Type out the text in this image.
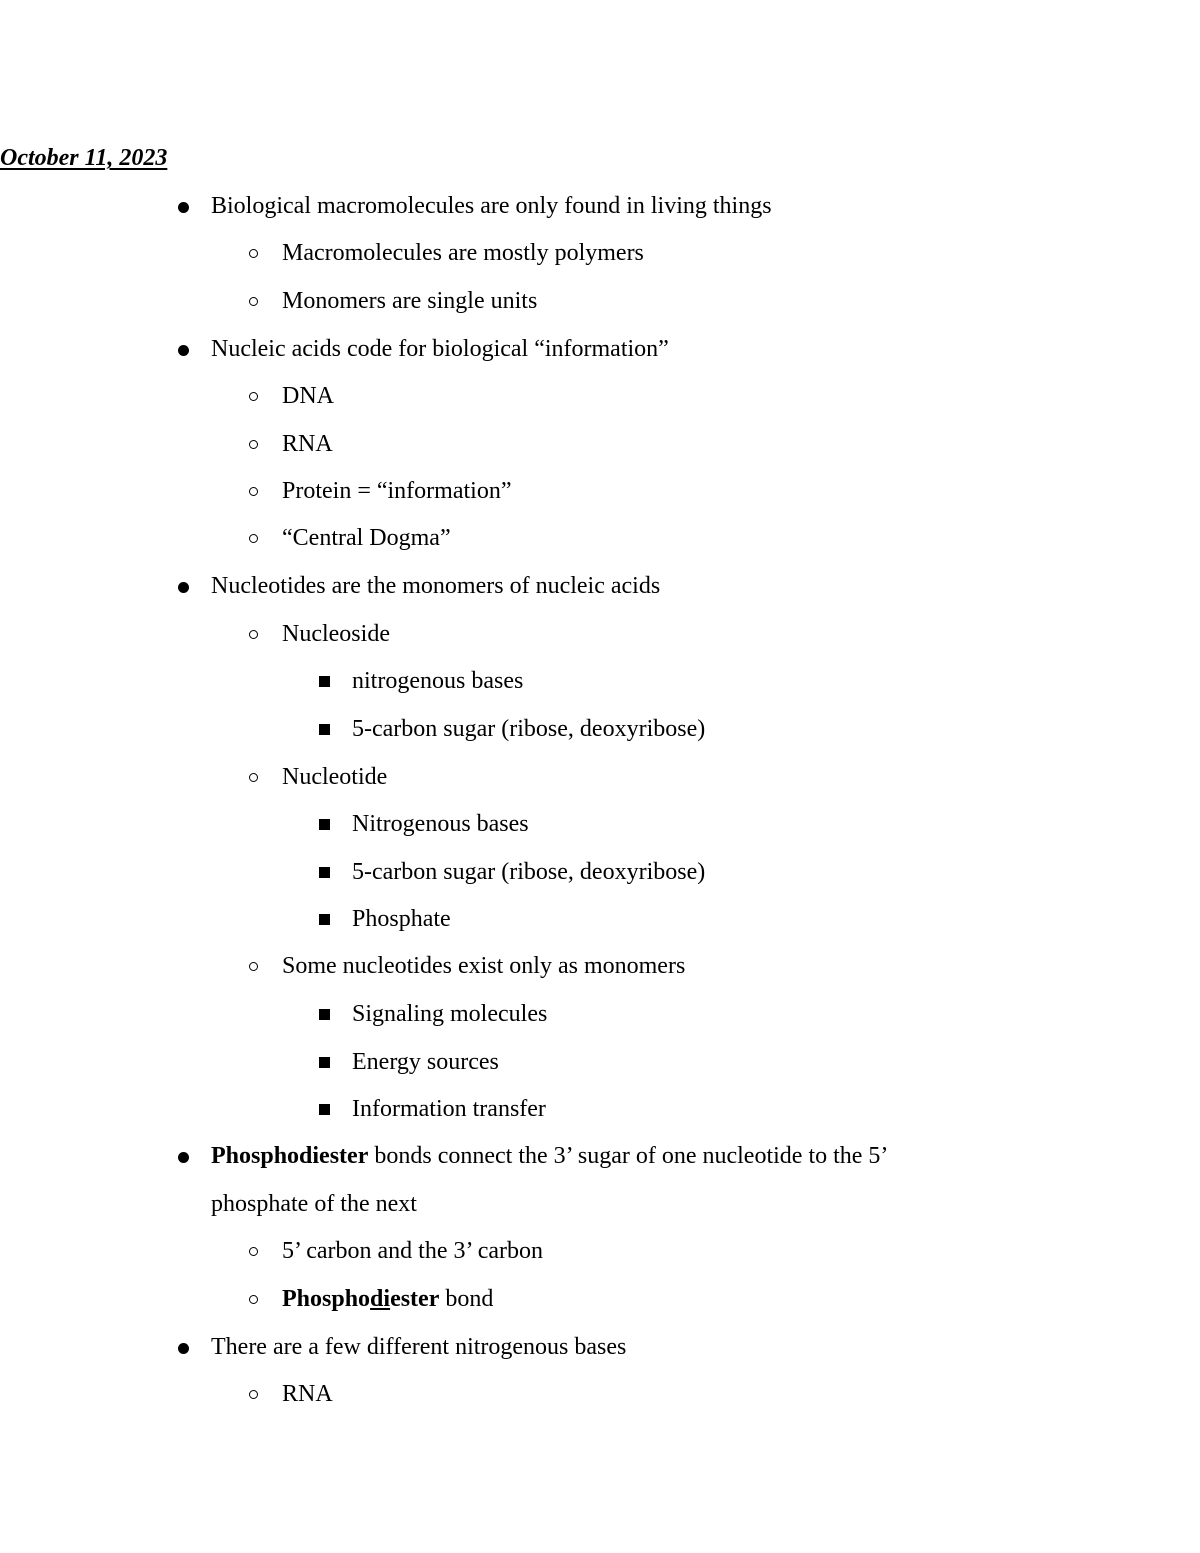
October 11, 2023
Biological macromolecules are only found in living things
Macromolecules are mostly polymers
Monomers are single units
Nucleic acids code for biological “information”
DNA
RNA
Protein = “information”
“Central Dogma”
Nucleotides are the monomers of nucleic acids
Nucleoside
nitrogenous bases
5-carbon sugar (ribose, deoxyribose)
Nucleotide
Nitrogenous bases
5-carbon sugar (ribose, deoxyribose)
Phosphate
Some nucleotides exist only as monomers
Signaling molecules
Energy sources
Information transfer
Phosphodiester bonds connect the 3’ sugar of one nucleotide to the 5’
phosphate of the next
5’ carbon and the 3’ carbon
Phosphodiester bond
There are a few different nitrogenous bases
RNA
